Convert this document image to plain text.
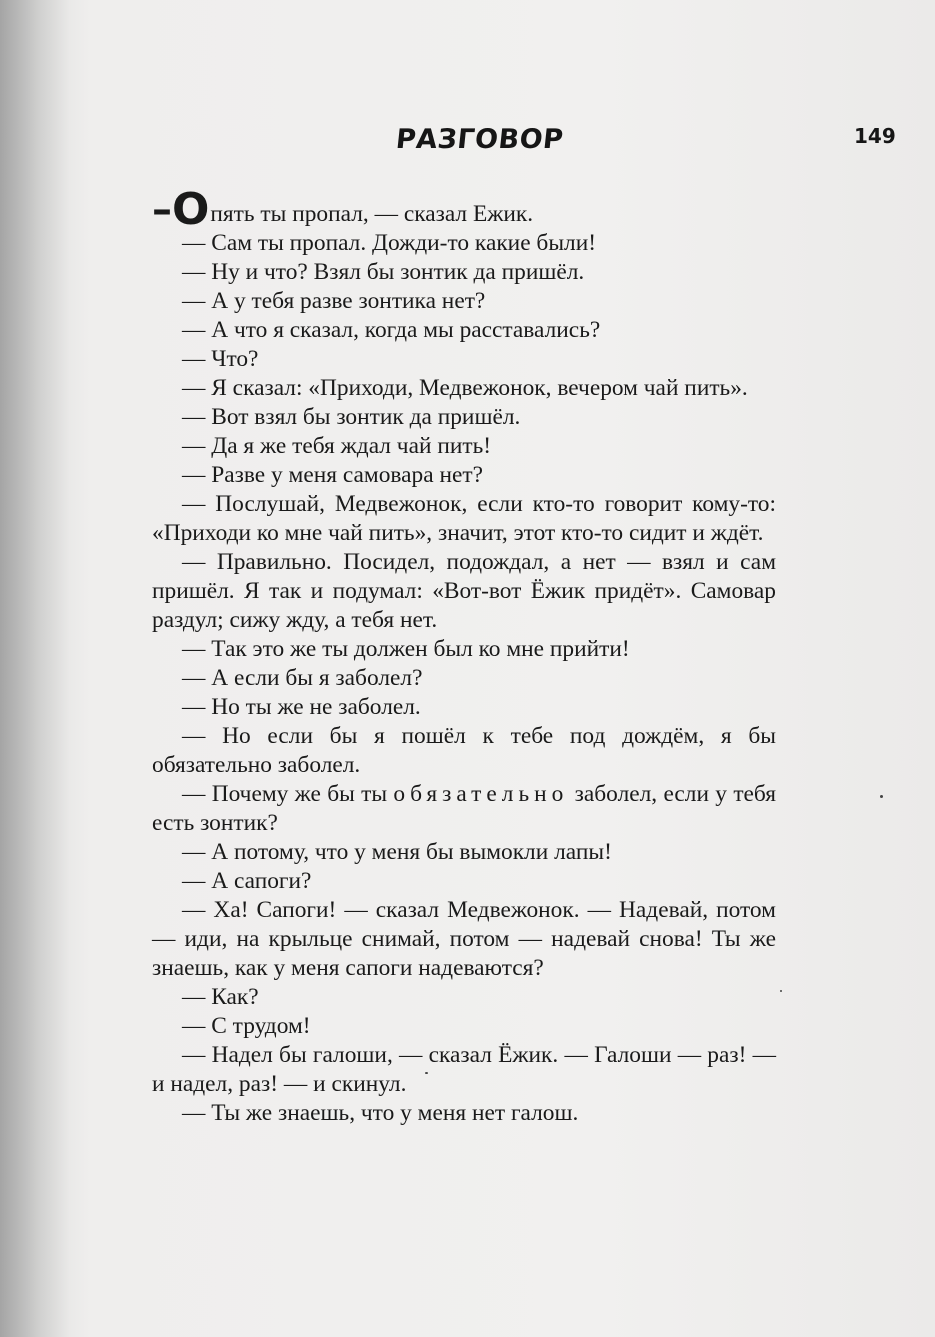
РАЗГОВОР	149

–Опять ты пропал, — сказал Ежик.

— Сам ты пропал. Дожди-то какие были!

— Ну и что? Взял бы зонтик да пришёл.

— А у тебя разве зонтика нет?

— А что я сказал, когда мы расставались?

— Что?

— Я сказал: «Приходи, Медвежонок, вечером чай пить».

— Вот взял бы зонтик да пришёл.

— Да я же тебя ждал чай пить!

— Разве у меня самовара нет?

— Послушай, Медвежонок, если кто-то говорит кому-то: «Приходи ко мне чай пить», значит, этот кто-то сидит и ждёт.

— Правильно. Посидел, подождал, а нет — взял и сам пришёл. Я так и подумал: «Вот-вот Ёжик придёт». Самовар раздул; сижу жду, а тебя нет.

— Так это же ты должен был ко мне прийти!

— А если бы я заболел?

— Но ты же не заболел.

— Но если бы я пошёл к тебе под дождём, я бы обязательно заболел.

— Почему же бы ты обязательно заболел, если у тебя есть зонтик?

— А потому, что у меня бы вымокли лапы!

— А сапоги?

— Ха! Сапоги! — сказал Медвежонок. — Надевай, потом — иди, на крыльце снимай, потом — надевай снова! Ты же знаешь, как у меня сапоги надеваются?

— Как?

— С трудом!

— Надел бы галоши, — сказал Ёжик. — Галоши — раз! — и надел, раз! — и скинул.

— Ты же знаешь, что у меня нет галош.
